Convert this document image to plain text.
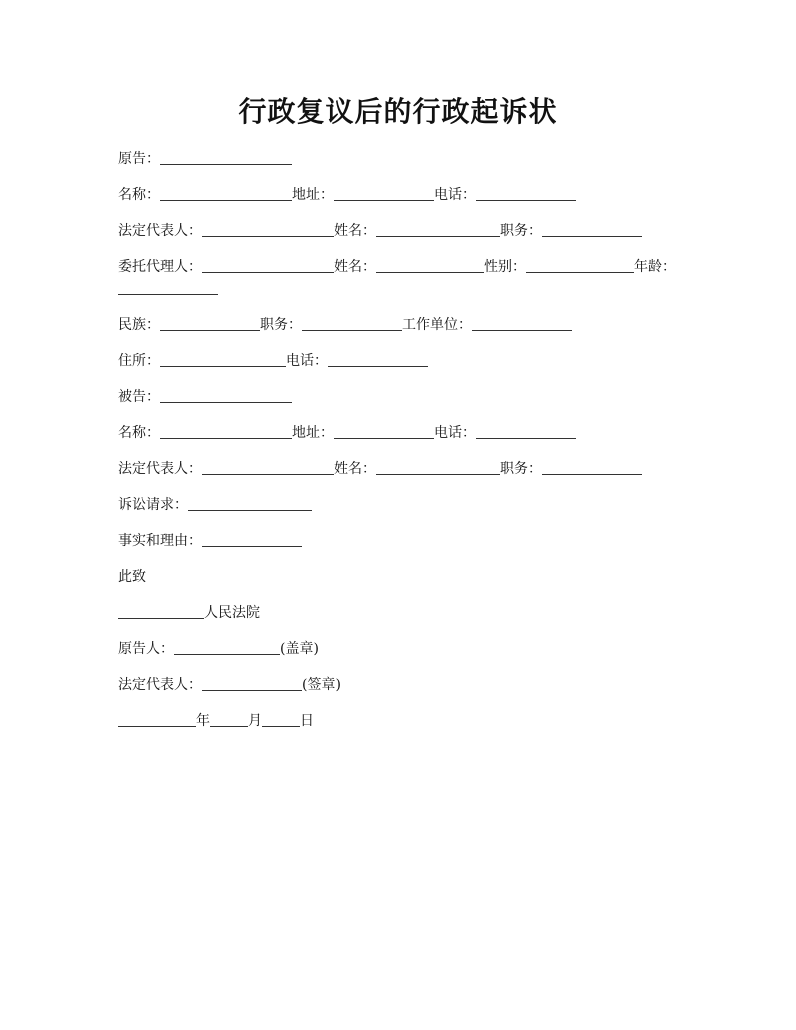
行政复议后的行政起诉状
原告：
名称：	地址：	电话：
法定代表人：	姓名：	职务：
委托代理人：	姓名：	性别：	年龄：
民族：	职务：	工作单位：
住所：	电话：
被告：
名称：	地址：	电话：
法定代表人：	姓名：	职务：
诉讼请求：
事实和理由：
此致
人民法院
原告人：	(盖章)
法定代表人：	(签章)
年	月	日
